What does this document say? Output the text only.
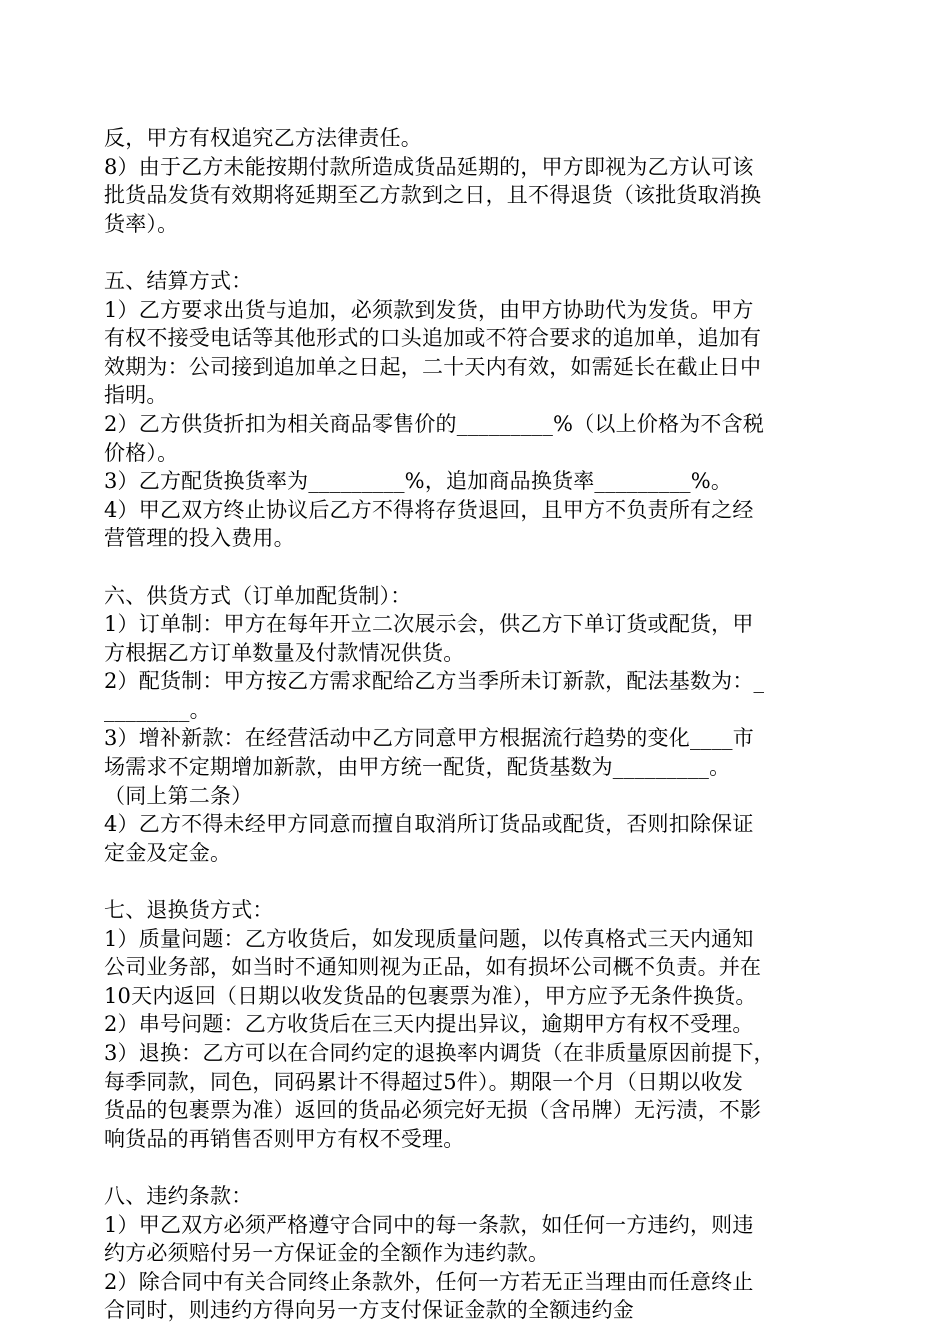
反，甲方有权追究乙方法律责任。
8）由于乙方未能按期付款所造成货品延期的，甲方即视为乙方认可该
批货品发货有效期将延期至乙方款到之日，且不得退货（该批货取消换
货率）。
五、结算方式：
1）乙方要求出货与追加，必须款到发货，由甲方协助代为发货。甲方
有权不接受电话等其他形式的口头追加或不符合要求的追加单，追加有
效期为：公司接到追加单之日起，二十天内有效，如需延长在截止日中
指明。
2）乙方供货折扣为相关商品零售价的_________%（以上价格为不含税
价格）。
3）乙方配货换货率为_________%，追加商品换货率_________%。
4）甲乙双方终止协议后乙方不得将存货退回，且甲方不负责所有之经
营管理的投入费用。
六、供货方式（订单加配货制）：
1）订单制：甲方在每年开立二次展示会，供乙方下单订货或配货，甲
方根据乙方订单数量及付款情况供货。
2）配货制：甲方按乙方需求配给乙方当季所未订新款，配法基数为：_
________。
3）增补新款：在经营活动中乙方同意甲方根据流行趋势的变化____市
场需求不定期增加新款，由甲方统一配货，配货基数为_________。
（同上第二条）
4）乙方不得未经甲方同意而擅自取消所订货品或配货，否则扣除保证
定金及定金。
七、退换货方式：
1）质量问题：乙方收货后，如发现质量问题，以传真格式三天内通知
公司业务部，如当时不通知则视为正品，如有损坏公司概不负责。并在
10天内返回（日期以收发货品的包裹票为准），甲方应予无条件换货。
2）串号问题：乙方收货后在三天内提出异议，逾期甲方有权不受理。
3）退换：乙方可以在合同约定的退换率内调货（在非质量原因前提下，
每季同款，同色，同码累计不得超过5件）。期限一个月（日期以收发
货品的包裹票为准）返回的货品必须完好无损（含吊牌）无污渍，不影
响货品的再销售否则甲方有权不受理。
八、违约条款：
1）甲乙双方必须严格遵守合同中的每一条款，如任何一方违约，则违
约方必须赔付另一方保证金的全额作为违约款。
2）除合同中有关合同终止条款外，任何一方若无正当理由而任意终止
合同时，则违约方得向另一方支付保证金款的全额违约金
